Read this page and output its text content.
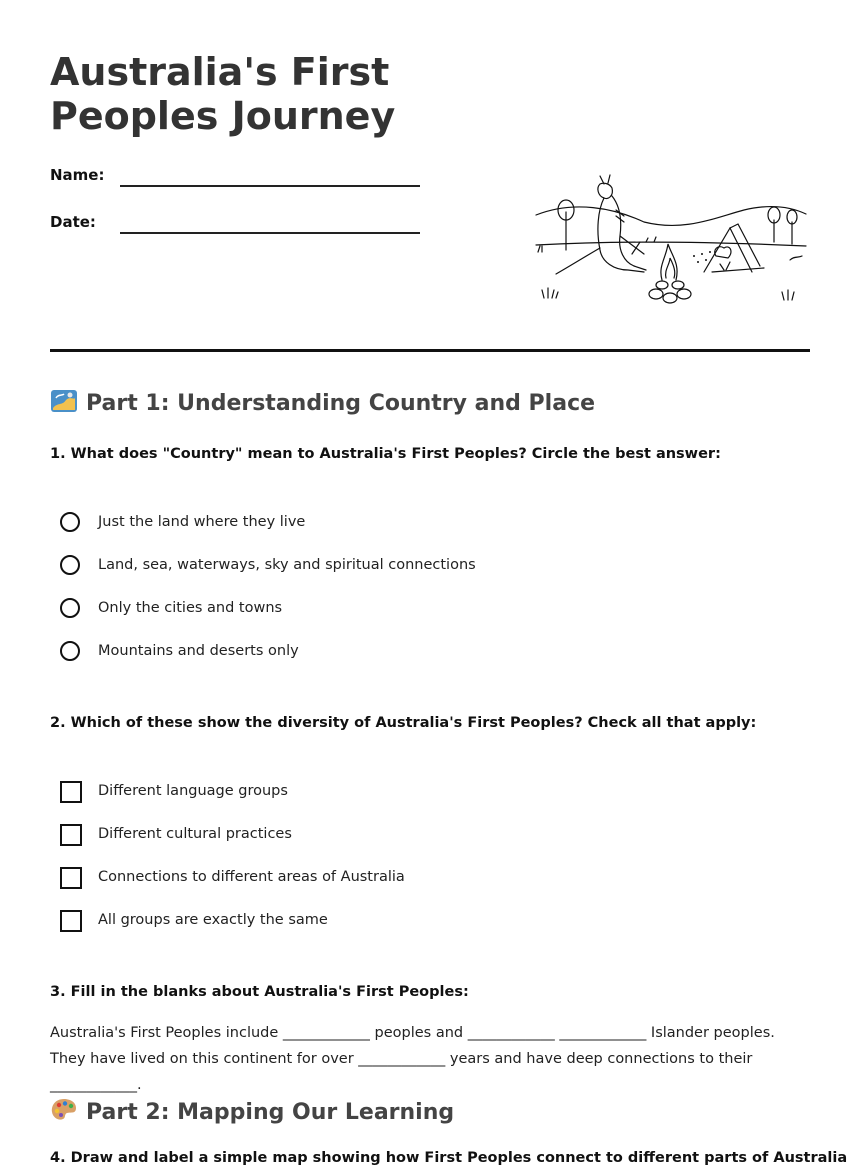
Australia's First Peoples Journey
Name:
Date:
Part 1: Understanding Country and Place
1. What does "Country" mean to Australia's First Peoples? Circle the best answer:
Just the land where they live
Land, sea, waterways, sky and spiritual connections
Only the cities and towns
Mountains and deserts only
2. Which of these show the diversity of Australia's First Peoples? Check all that apply:
Different language groups
Different cultural practices
Connections to different areas of Australia
All groups are exactly the same
3. Fill in the blanks about Australia's First Peoples:
Australia's First Peoples include ____________ peoples and ____________ ____________ Islander peoples. They have lived on this continent for over ____________ years and have deep connections to their ____________.
Part 2: Mapping Our Learning
4. Draw and label a simple map showing how First Peoples connect to different parts of Australia
